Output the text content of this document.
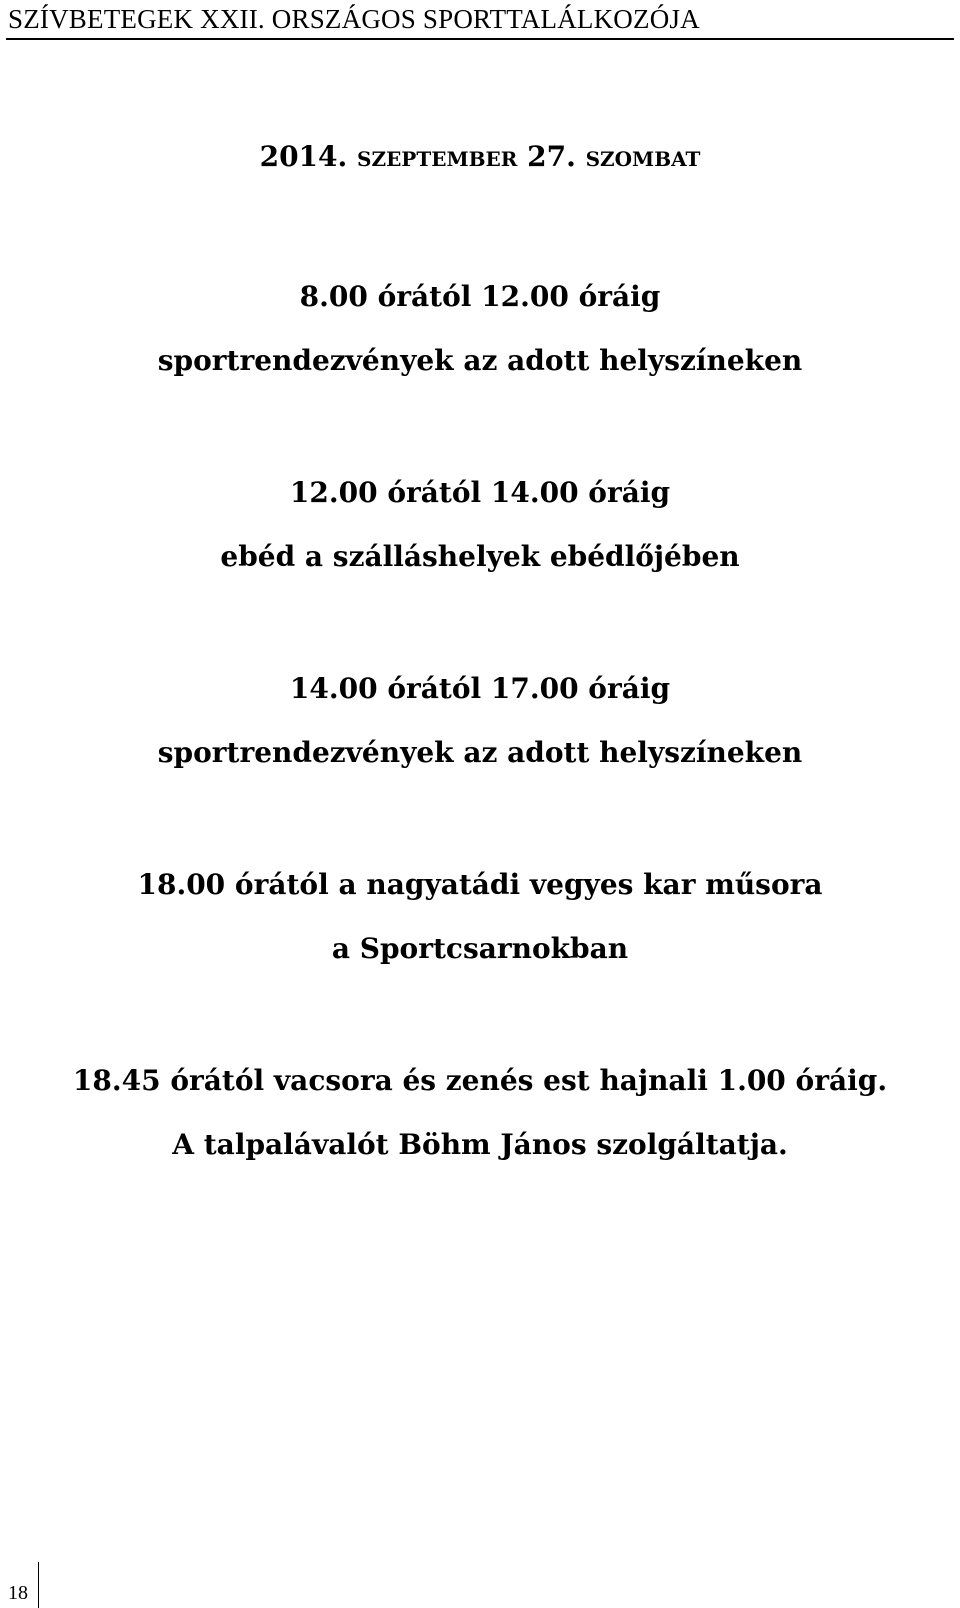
SZÍVBETEGEK XXII. ORSZÁGOS SPORTTALÁLKOZÓJA
2014. szeptember 27. szombat
8.00 órától 12.00 óráig
sportrendezvények az adott helyszíneken
12.00 órától 14.00 óráig
ebéd a szálláshelyek ebédlőjében
14.00 órától 17.00 óráig
sportrendezvények az adott helyszíneken
18.00 órától a nagyatádi vegyes kar műsora
a Sportcsarnokban
18.45 órától vacsora és zenés est hajnali 1.00 óráig.
A talpalávalót Böhm János szolgáltatja.
18
